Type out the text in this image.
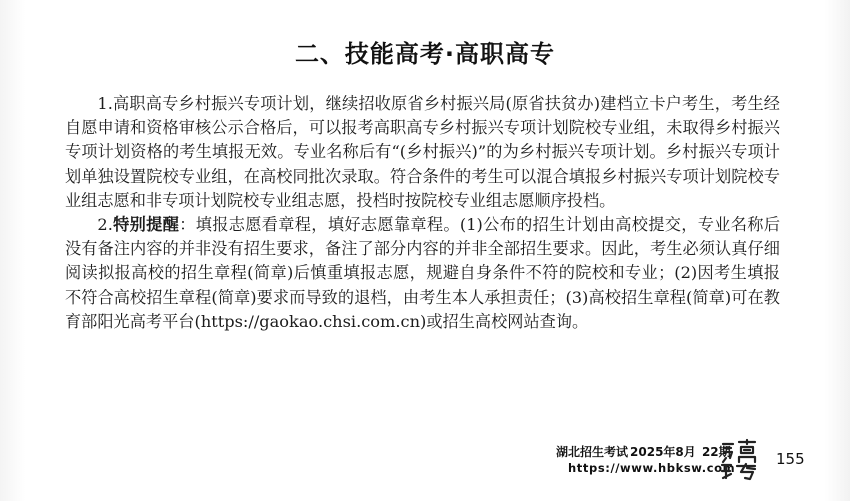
二、技能高考·高职高专

1.高职高专乡村振兴专项计划，继续招收原省乡村振兴局(原省扶贫办)建档立卡户考生，考生经自愿申请和资格审核公示合格后，可以报考高职高专乡村振兴专项计划院校专业组，未取得乡村振兴专项计划资格的考生填报无效。专业名称后有“(乡村振兴)”的为乡村振兴专项计划。乡村振兴专项计划单独设置院校专业组，在高校同批次录取。符合条件的考生可以混合填报乡村振兴专项计划院校专业组志愿和非专项计划院校专业组志愿，投档时按院校专业组志愿顺序投档。

2.特别提醒：填报志愿看章程，填好志愿靠章程。(1)公布的招生计划由高校提交，专业名称后没有备注内容的并非没有招生要求，备注了部分内容的并非全部招生要求。因此，考生必须认真仔细阅读拟报高校的招生章程(简章)后慎重填报志愿，规避自身条件不符的院校和专业；(2)因考生填报不符合高校招生章程(简章)要求而导致的退档，由考生本人承担责任；(3)高校招生章程(简章)可在教育部阳光高考平台(https://gaokao.chsi.com.cn)或招生高校网站查询。

湖北招生考试 2025年8月 22期
https://www.hbksw.com	155
